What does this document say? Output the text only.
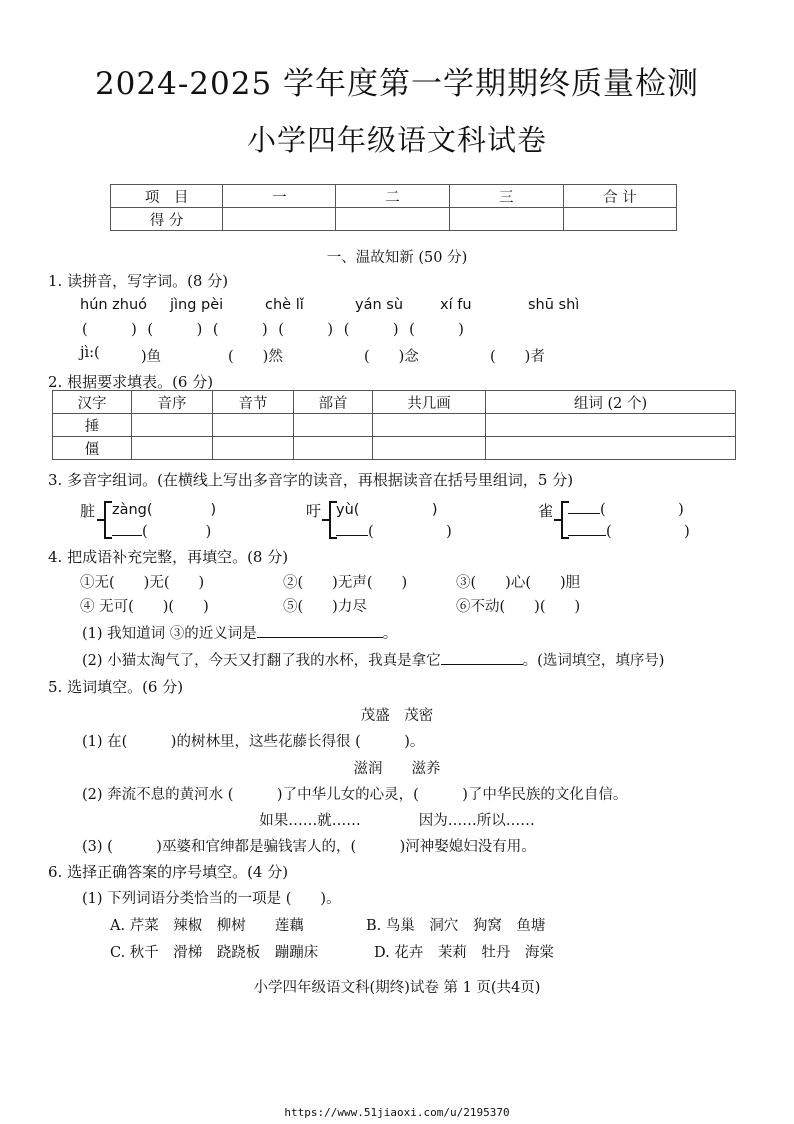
2024-2025 学年度第一学期期终质量检测
小学四年级语文科试卷
项　目	一	二	三	合 计
得 分				
一、温故知新 (50 分)
1. 读拼音，写字词。(8 分)
hún zhuó jìng pèi	chè lǐ	yán sù	xí fu	shū shì
(　　　) (　　　) (　　　) (　　　) (　　　) (　　　)
jì:( 　　)鱼	(　　)然	(　　)念	(　　)者
2. 根据要求填表。(6 分)
汉字	音序	音节	部首	共几画	组词 (2 个)
捶					
僵					
3. 多音字组词。(在横线上写出多音字的读音，再根据读音在括号里组词，5 分)
脏 zàng(　　　　)
(　　　　)
吁 yù(　　　　　)
(　　　　　)
雀	(　　　　　)
(　　　　　)
4. 把成语补充完整，再填空。(8 分)
①无(　　)无(　　)	②(　　)无声(　　)	③(　　)心(　　)胆
④ 无可(　　)(　　)	⑤(　　)力尽	⑥不动(　　)(　　)
(1) 我知道词 ③的近义词是	。
(2) 小猫太淘气了，今天又打翻了我的水杯，我真是拿它	。(选词填空，填序号)
5. 选词填空。(6 分)
茂盛　茂密
(1) 在(　　　)的树林里，这些花藤长得很 (　　　)。
滋润　　滋养
(2) 奔流不息的黄河水 (　　　)了中华儿女的心灵，(　　　)了中华民族的文化自信。
如果……就……　　　　因为……所以……
(3) (　　　)巫婆和官绅都是骗钱害人的，(　　　)河神娶媳妇没有用。
6. 选择正确答案的序号填空。(4 分)
(1) 下列词语分类恰当的一项是 (　　)。
A. 芹菜　辣椒　柳树　　莲藕	B. 鸟巢　洞穴　狗窝　鱼塘
C. 秋千　滑梯　跷跷板　蹦蹦床	D. 花卉　茉莉　牡丹　海棠
小学四年级语文科(期终)试卷 第 1 页(共4页)
https://www.51jiaoxi.com/u/2195370
